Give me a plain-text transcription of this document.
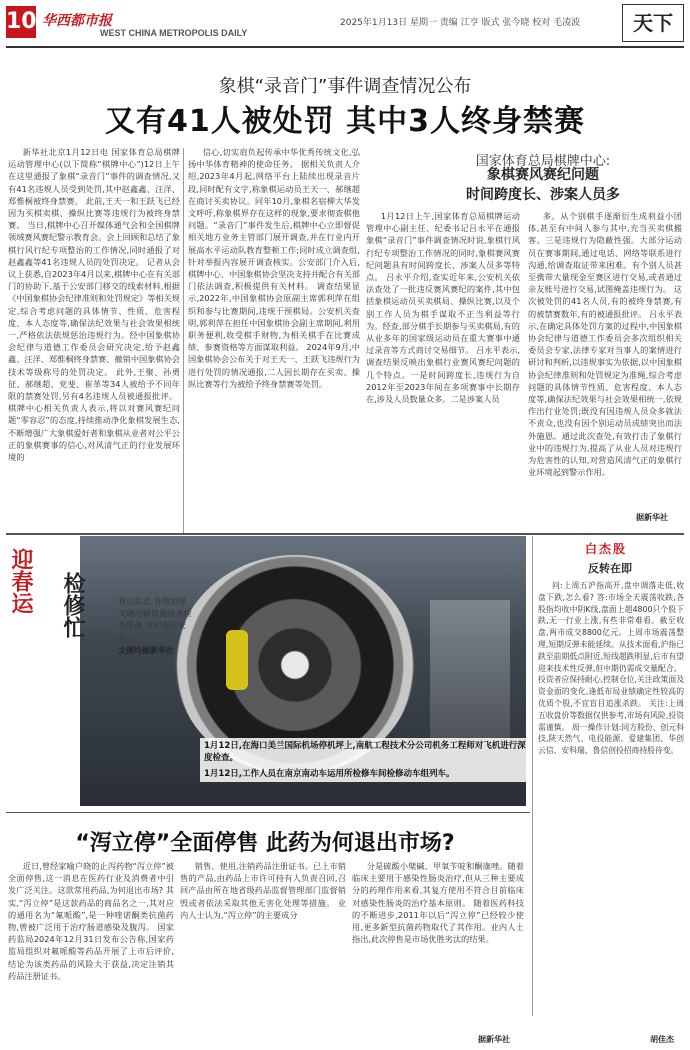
10 华西都市报
WEST CHINA METROPOLIS DAILY
2025年1月13日 星期一 责编 江亨 版式 张今晓 校对 毛凌波	天下
象棋“录音门”事件调查情况公布
又有41人被处罚 其中3人终身禁赛
新华社北京1月12日电 国家体育总局棋牌运动管理中心(以下简称“棋牌中心”)12日上午在这里通报了象棋“录音门”事件的调查情况,又有41名违规人员受到处罚,其中赵鑫鑫、汪洋、郑惟桐被终身禁赛。 此前,王天一和王跃飞已经因为买棋卖棋、操纵比赛等违规行为被终身禁赛。 当日,棋牌中心召开媒体通气会和全国棋牌领域赛风赛纪警示教育会。会上回顾和总结了象棋行风行纪专项整治的工作情况,同时通报了对赵鑫鑫等41名违规人员的处罚决定。 记者从会议上获悉,自2023年4月以来,棋牌中心在有关部门的协助下,基于公安部门移交的线索材料,根据《中国象棋协会纪律准则和处罚规定》等相关规定,综合考虑问题的具体情节、性质、危害程度、本人态度等,确保法纪效果与社会效果相统一,严格依法依规惩治违规行为。经中国象棋协会纪律与道德工作委员会研究决定,给予赵鑫鑫、汪洋、郑惟桐终身禁赛、撤销中国象棋协会技术等级称号的处罚决定。 此外,王聚、孙勇征、郝继超、党斐、崔革等34人被给予不同年限的禁赛处罚,另有4名违规人员被通报批评。 棋牌中心相关负责人表示,将以对赛风赛纪问题“零容忍”的态度,持续推动净化象棋发展生态,不断增强广大象棋爱好者和象棋从业者对公平公正的象棋赛事的信心,对风清气正的行业发展环境的
信心,切实肩负起传承中华优秀传统文化,弘扬中华体育精神的使命任务。 据相关负责人介绍,2023年4月起,网络平台上陆续出现录音片段,同时配有文字,称象棋运动员王天一、郝继超在商讨买卖协议。同年10月,象棋名宿柳大华发文呼吁,称象棋界存在这样的现象,要求彻查棋他问题。“录音门”事件发生后,棋牌中心立即督促相关地方业务主管部门展开调查,并在行业内开展高水平运动队教育整顿工作;同时成立调查组,针对举报内容展开调查核实。公安部门介入后,棋牌中心、中国象棋协会坚决支持并配合有关部门依法调查,积极提供有关材料。 调查结果显示,2022年,中国象棋协会原副主席郭利萍在组织和参与比赛期间,违规干预棋局。公安机关查明,郭利萍在担任中国象棋协会副主席期间,利用职务便利,收受棋手财物,为相关棋手在比赛成绩、参赛资格等方面谋取利益。 2024年9月,中国象棋协会公布关于对王天一、王跃飞违规行为进行处罚的情况通报,二人因长期存在买卖、操纵比赛等行为被给予终身禁赛等处罚。
国家体育总局棋牌中心:
象棋赛风赛纪问题
时间跨度长、涉案人员多
1月12日上午,国家体育总局棋牌运动管理中心副主任、纪委书记吕永平在通报象棋“录音门”事件调查情况时说,象棋行风行纪专项整治工作情况的同时,象棋赛风赛纪问题具有时间跨度长、涉案人员多等特点。 吕永平介绍,查实近年来,公安机关依法查处了一批违反赛风赛纪的案件,其中包括象棋运动员买卖棋局、操纵比赛,以及个别工作人员为棋手谋取不正当利益等行为。经查,部分棋手长期参与买卖棋局,有的从业多年的国家级运动员在重大赛事中通过录音等方式商讨交易细节。 吕永平表示,调查结果反映出象棋行业赛风赛纪问题的几个特点。一是时间跨度长,违规行为自2012年至2023年间在多项赛事中长期存在,涉及人员数量众多。二是涉案人员
多。从个别棋手逐渐衍生成利益小团体,甚至有中间人参与其中,充当买卖棋搬客。三是违规行为隐蔽性强。大部分运动员在赛事期间,通过电话、网络等联系进行沟通,给调查取证带来困难。有个别人员甚至携带大量现金至赛区进行交易,或者通过亲友账号进行交易,试图掩盖违规行为。 这次被处罚的41名人员,有的被终身禁赛,有的被禁赛数年,有的被通报批评。 吕永平表示,在确定具体处罚方案的过程中,中国象棋协会纪律与道德工作委员会多次组织相关委员会专家,法律专家对当事人的案情进行研讨和判析,以违规事实为依据,以中国象棋协会纪律准则和处罚规定为准绳,综合考虑问题的具体情节性质、危害程度、本人态度等,确保法纪效果与社会效果相统一,依规作出行业处罚;既没有因违规人员众多就法不责众,也没有因个别运动员成绩突出而法外施恩。通过此次查处,有效打击了象棋行业中的违规行为,提高了从业人员对违规行为危害性的认知,对营造风清气正的象棋行业环境起到警示作用。
据新华社
迎春运 检修忙	春运临近,各地加强交通运输设施设备检查维修,守护春运安全。
文图均据新华社
1月12日,在海口美兰国际机场停机坪上,南航工程技术分公司机务工程师对飞机进行深度检查。
1月12日,工作人员在南京南动车运用所检修车间检修动车组列车。
白杰股
反转在即
问:上周五沪指高开,盘中调落走低,收盘下跌,怎么看? 答:市场全天震荡收跌,各股指均收中阴K线,盘面上超4800只个股下跌,无一行业上涨,有些非常难看。截至收盘,两市成交8800亿元。上周市场震荡整理,短期反弹未能延续。从技术面看,沪指已跌至前期低点附近,短线超跌明显,后市有望迎来技术性反弹,但中期仍需成交量配合。 投资者应保持耐心,控制仓位,关注政策面及资金面的变化,逢低布局业绩确定性较高的优质个股,不宜盲目追涨杀跌。 关注:上周五收盘价等数据仅供参考,市场有风险,投资需谨慎。 周一操作计划:同方股份、创元科技,陕天然气、电投能源、爱建集团、华创云信、安科瑞、鲁信创投招商持股待变。
胡佳杰
“泻立停”全面停售 此药为何退出市场?
近日,曾经家喻户晓的止泻药物“泻立停”被全面停售,这一消息在医药行业及消费者中引发广泛关注。这款常用药品,为何退出市场? 其实,“泻立停”是这款药品的商品名之一,其对应的通用名为“氟哌酸”,是一种喹诺酮类抗菌药物,曾被广泛用于治疗肠道感染及腹泻。 国家药监局2024年12月31日发布公告称,国家药监局组织对氟哌酸等药品开展了上市后评价,结论为该类药品的风险大于获益,决定注销其药品注册证书。
销售、使用,注销药品注册证书。已上市销售的产品,由药品上市许可持有人负责召回,召回产品由所在地省级药品监督管理部门监督销毁或者依法采取其他无害化处理等措施。 业内人士认为,“泻立停”的主要成分
分是硫酸小檗碱、甲氧苄啶和酮康唑。随着临床主要用于感染性肠炎治疗,但从三种主要成分的药理作用来看,其复方使用不符合目前临床对感染性肠炎的治疗基本原则。 随着医药科技的不断进步,2011年以后“泻立停”已经较少使用,更多新型抗菌药物取代了其作用。业内人士指出,此次停售是市场优胜劣汰的结果。
据新华社
